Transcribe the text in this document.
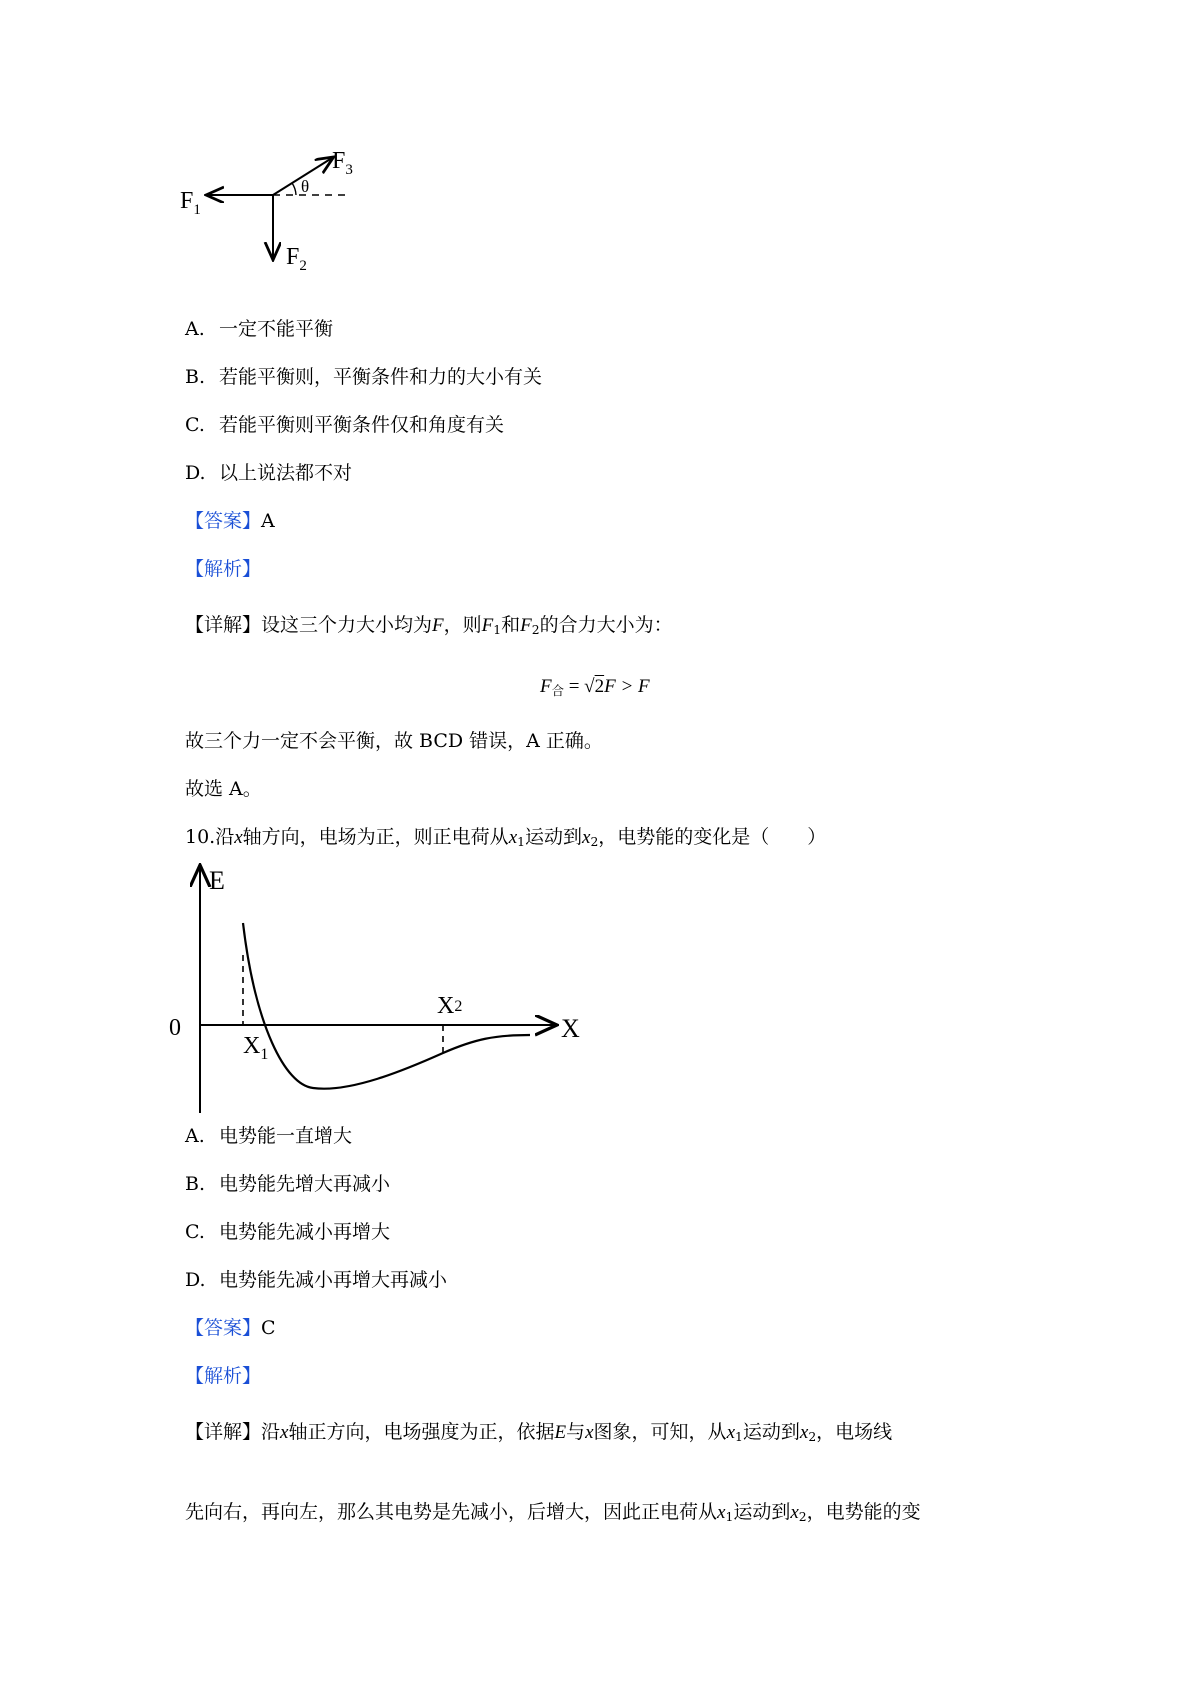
θ
$F_1$
$F_2$
$F_3$
A. 一定不能平衡
B. 若能平衡则，平衡条件和力的大小有关
C. 若能平衡则平衡条件仅和角度有关
D. 以上说法都不对
【答案】A
【解析】
【详解】设这三个力大小均为F，则$F_1$和$F_2$的合力大小为：
$F_合 = √2F > F$
故三个力一定不会平衡，故 BCD 错误，A 正确。
故选 A。
10.沿x轴方向，电场为正，则正电荷从$x_1$运动到$x_2$，电势能的变化是（　　）
E
X
0
$X_1$
X2
A. 电势能一直增大
B. 电势能先增大再减小
C. 电势能先减小再增大
D. 电势能先减小再增大再减小
【答案】C
【解析】
【详解】沿x轴正方向，电场强度为正，依据E与x图象，可知，从$x_1$运动到$x_2$，电场线
先向右，再向左，那么其电势是先减小，后增大，因此正电荷从$x_1$运动到$x_2$，电势能的变
